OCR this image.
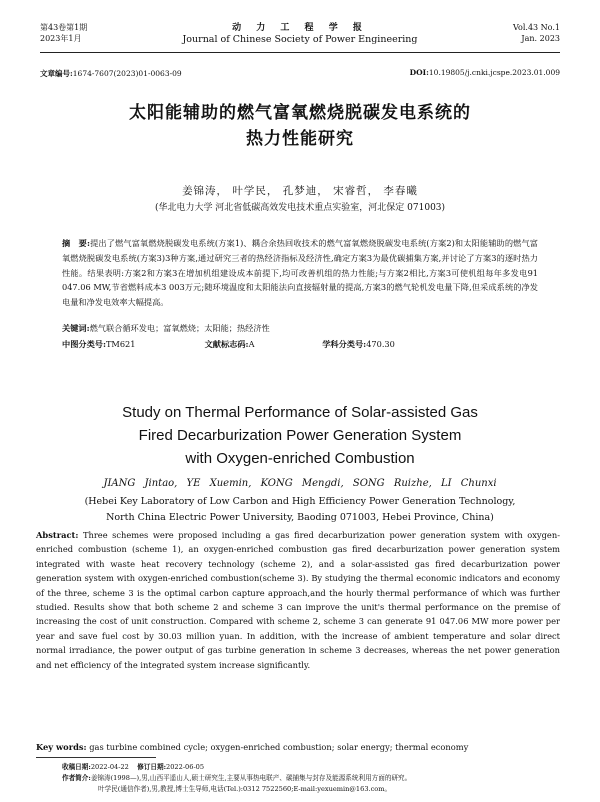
第43卷第1期
2023年1月
动 力 工 程 学 报
Journal of Chinese Society of Power Engineering
Vol.43 No.1
Jan. 2023
文章编号:1674-7607(2023)01-0063-09	DOI:10.19805/j.cnki.jcspe.2023.01.009
太阳能辅助的燃气富氧燃烧脱碳发电系统的
热力性能研究
姜锦涛， 叶学民， 孔梦迪， 宋睿哲， 李春曦
(华北电力大学 河北省低碳高效发电技术重点实验室，河北保定 071003)
摘　要:提出了燃气富氧燃烧脱碳发电系统(方案1)、耦合余热回收技术的燃气富氧燃烧脱碳发电系统(方案2)和太阳能辅助的燃气富氧燃烧脱碳发电系统(方案3)3种方案,通过研究三者的热经济指标及经济性,确定方案3为最优碳捕集方案,并讨论了方案3的逐时热力性能。结果表明:方案2和方案3在增加机组建设成本前提下,均可改善机组的热力性能;与方案2相比,方案3可使机组每年多发电91 047.06 MW,节省燃料成本3 003万元;随环境温度和太阳能法向直接辐射量的提高,方案3的燃气轮机发电量下降,但采成系统的净发电量和净发电效率大幅提高。
关键词:燃气联合循环发电；富氧燃烧；太阳能；热经济性
中图分类号:TM621	文献标志码:A	学科分类号:470.30
Study on Thermal Performance of Solar-assisted Gas
Fired Decarburization Power Generation System
with Oxygen-enriched Combustion
JIANG Jintao, YE Xuemin, KONG Mengdi, SONG Ruizhe, LI Chunxi
(Hebei Key Laboratory of Low Carbon and High Efficiency Power Generation Technology,
North China Electric Power University, Baoding 071003, Hebei Province, China)
Abstract: Three schemes were proposed including a gas fired decarburization power generation system with oxygen-enriched combustion (scheme 1), an oxygen-enriched combustion gas fired decarburization power generation system integrated with waste heat recovery technology (scheme 2), and a solar-assisted gas fired decarburization power generation system with oxygen-enriched combustion(scheme 3). By studying the thermal economic indicators and economy of the three, scheme 3 is the optimal carbon capture approach,and the hourly thermal performance of which was further studied. Results show that both scheme 2 and scheme 3 can improve the unit's thermal performance on the premise of increasing the cost of unit construction. Compared with scheme 2, scheme 3 can generate 91 047.06 MW more power per year and save fuel cost by 30.03 million yuan. In addition, with the increase of ambient temperature and solar direct normal irradiance, the power output of gas turbine generation in scheme 3 decreases, whereas the net power generation and net efficiency of the integrated system increase significantly.
Key words: gas turbine combined cycle; oxygen-enriched combustion; solar energy; thermal economy
收稿日期:2022-04-22 修订日期:2022-06-05
作者简介:姜锦涛(1998—),男,山西平遥山人,硕士研究生,主要从事热电联产、碳捕集与封存及能源系统利用方面的研究。
叶学民(通信作者),男,教授,博士生导师,电话(Tel.):0312 7522560;E-mail:yexuemin@163.com。
